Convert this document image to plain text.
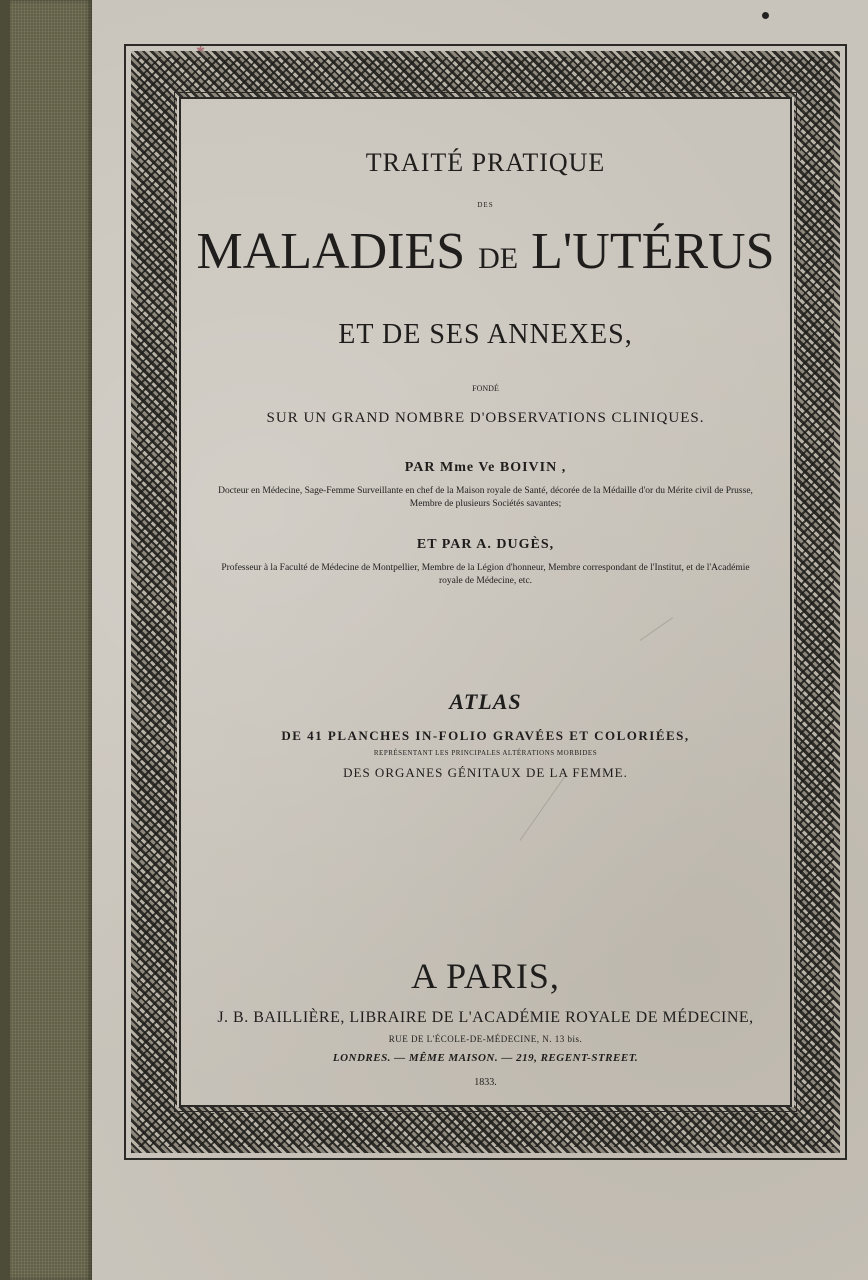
✱
TRAITÉ PRATIQUE
DES
MALADIES DE L'UTÉRUS
ET DE SES ANNEXES,
FONDÉ
SUR UN GRAND NOMBRE D'OBSERVATIONS CLINIQUES.
PAR Mme Ve BOIVIN ,
Docteur en Médecine, Sage-Femme Surveillante en chef de la Maison royale de Santé, décorée de la Médaille d'or du Mérite civil de Prusse, Membre de plusieurs Sociétés savantes;
ET PAR A. DUGÈS,
Professeur à la Faculté de Médecine de Montpellier, Membre de la Légion d'honneur, Membre correspondant de l'Institut, et de l'Académie royale de Médecine, etc.
ATLAS
DE 41 PLANCHES IN-FOLIO GRAVÉES ET COLORIÉES,
REPRÉSENTANT LES PRINCIPALES ALTÉRATIONS MORBIDES
DES ORGANES GÉNITAUX DE LA FEMME.
A PARIS,
J. B. BAILLIÈRE, LIBRAIRE DE L'ACADÉMIE ROYALE DE MÉDECINE,
RUE DE L'ÉCOLE-DE-MÉDECINE, N. 13 bis.
LONDRES. — MÊME MAISON. — 219, REGENT-STREET.
1833.
